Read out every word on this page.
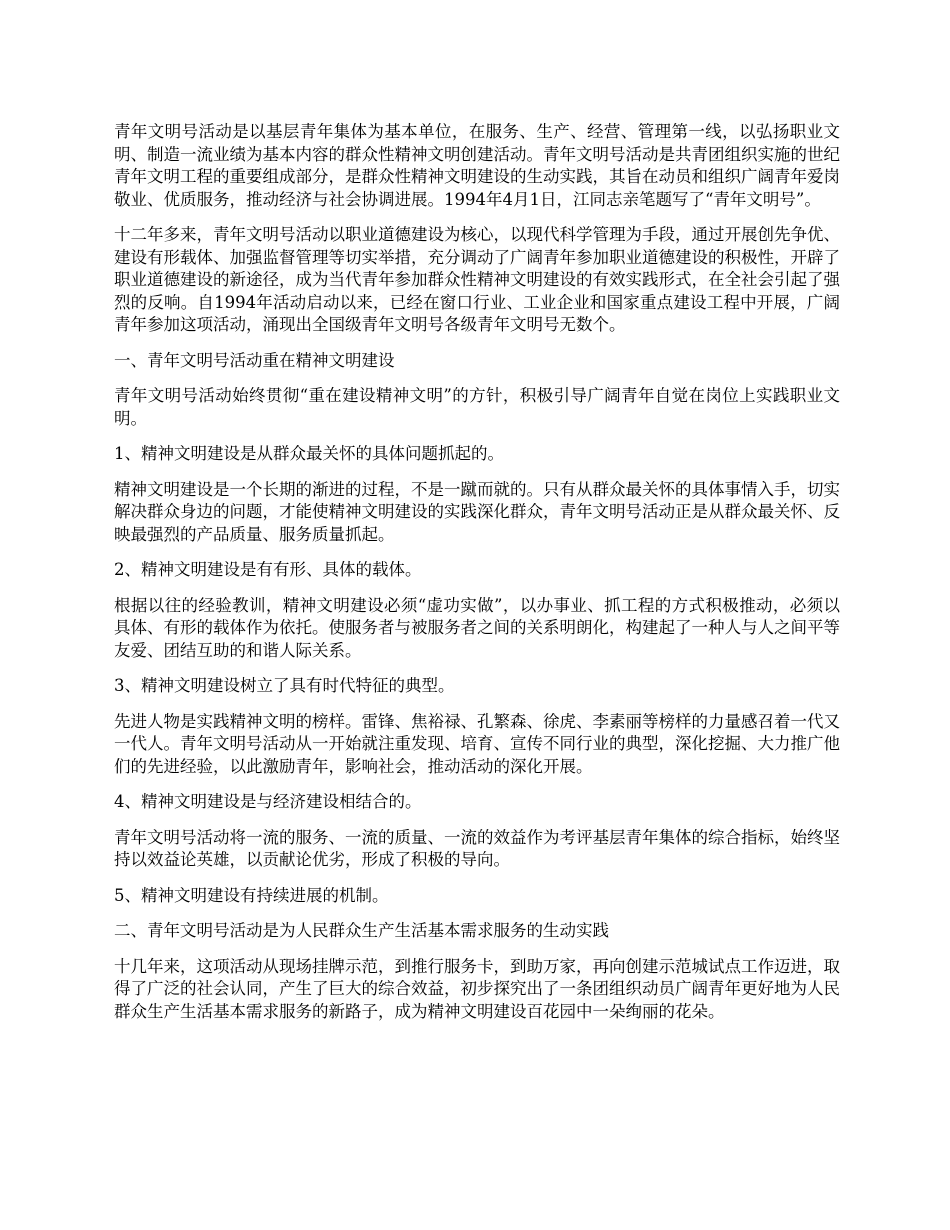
青年文明号活动是以基层青年集体为基本单位，在服务、生产、经营、管理第一线，以弘扬职业文明、制造一流业绩为基本内容的群众性精神文明创建活动。青年文明号活动是共青团组织实施的世纪青年文明工程的重要组成部分，是群众性精神文明建设的生动实践，其旨在动员和组织广阔青年爱岗敬业、优质服务，推动经济与社会协调进展。1994年4月1日，江同志亲笔题写了“青年文明号”。

十二年多来，青年文明号活动以职业道德建设为核心，以现代科学管理为手段，通过开展创先争优、建设有形载体、加强监督管理等切实举措，充分调动了广阔青年参加职业道德建设的积极性，开辟了职业道德建设的新途径，成为当代青年参加群众性精神文明建设的有效实践形式，在全社会引起了强烈的反响。自1994年活动启动以来，已经在窗口行业、工业企业和国家重点建设工程中开展，广阔青年参加这项活动，涌现出全国级青年文明号各级青年文明号无数个。

一、青年文明号活动重在精神文明建设

青年文明号活动始终贯彻“重在建设精神文明”的方针，积极引导广阔青年自觉在岗位上实践职业文明。

1、精神文明建设是从群众最关怀的具体问题抓起的。

精神文明建设是一个长期的渐进的过程，不是一蹴而就的。只有从群众最关怀的具体事情入手，切实解决群众身边的问题，才能使精神文明建设的实践深化群众，青年文明号活动正是从群众最关怀、反映最强烈的产品质量、服务质量抓起。

2、精神文明建设是有有形、具体的载体。

根据以往的经验教训，精神文明建设必须“虚功实做”，以办事业、抓工程的方式积极推动，必须以具体、有形的载体作为依托。使服务者与被服务者之间的关系明朗化，构建起了一种人与人之间平等友爱、团结互助的和谐人际关系。

3、精神文明建设树立了具有时代特征的典型。

先进人物是实践精神文明的榜样。雷锋、焦裕禄、孔繁森、徐虎、李素丽等榜样的力量感召着一代又一代人。青年文明号活动从一开始就注重发现、培育、宣传不同行业的典型，深化挖掘、大力推广他们的先进经验，以此激励青年，影响社会，推动活动的深化开展。

4、精神文明建设是与经济建设相结合的。

青年文明号活动将一流的服务、一流的质量、一流的效益作为考评基层青年集体的综合指标，始终坚持以效益论英雄，以贡献论优劣，形成了积极的导向。

5、精神文明建设有持续进展的机制。

二、青年文明号活动是为人民群众生产生活基本需求服务的生动实践

十几年来，这项活动从现场挂牌示范，到推行服务卡，到助万家，再向创建示范城试点工作迈进，取得了广泛的社会认同，产生了巨大的综合效益，初步探究出了一条团组织动员广阔青年更好地为人民群众生产生活基本需求服务的新路子，成为精神文明建设百花园中一朵绚丽的花朵。
